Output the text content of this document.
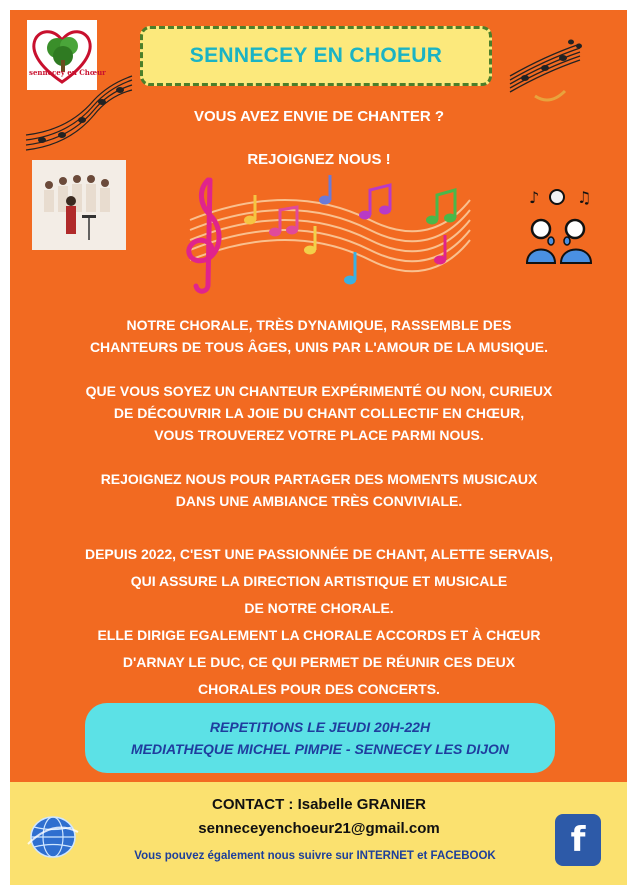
sennecey en Chœur
SENNECEY EN CHOEUR
VOUS AVEZ ENVIE DE CHANTER ?
REJOIGNEZ NOUS !
♪ ♫
NOTRE CHORALE, TRÈS DYNAMIQUE, RASSEMBLE DES
CHANTEURS DE TOUS ÂGES, UNIS PAR L'AMOUR DE LA MUSIQUE.
QUE VOUS SOYEZ UN CHANTEUR EXPÉRIMENTÉ OU NON, CURIEUX
DE DÉCOUVRIR LA JOIE DU CHANT COLLECTIF EN CHŒUR,
VOUS TROUVEREZ VOTRE PLACE PARMI NOUS.
REJOIGNEZ NOUS POUR PARTAGER DES MOMENTS MUSICAUX
DANS UNE AMBIANCE TRÈS CONVIVIALE.
DEPUIS 2022, C'EST UNE PASSIONNÉE DE CHANT, ALETTE SERVAIS,
QUI ASSURE LA DIRECTION ARTISTIQUE ET MUSICALE
DE NOTRE CHORALE.
ELLE DIRIGE EGALEMENT LA CHORALE ACCORDS ET À CHŒUR
D'ARNAY LE DUC, CE QUI PERMET DE RÉUNIR CES DEUX
CHORALES POUR DES CONCERTS.
REPETITIONS LE JEUDI 20H-22H
MEDIATHEQUE MICHEL PIMPIE - SENNECEY LES DIJON
CONTACT : Isabelle GRANIER
senneceyenchoeur21@gmail.com
Vous pouvez également nous suivre sur INTERNET et FACEBOOK	f
